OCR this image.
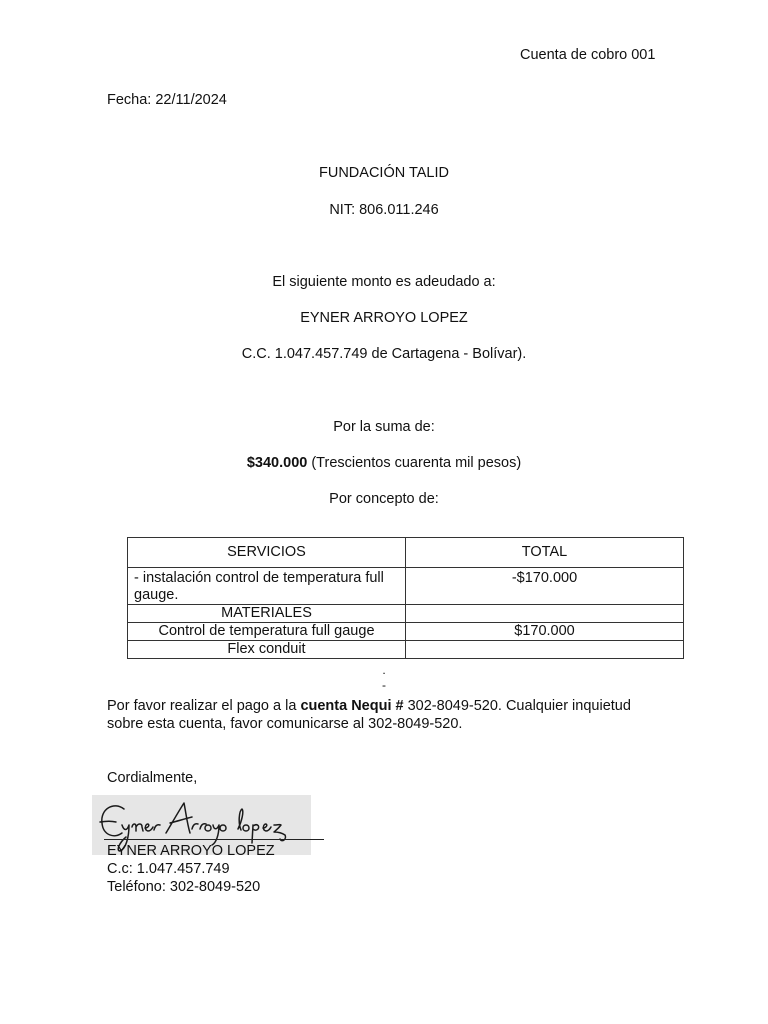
Cuenta de cobro 001
Fecha: 22/11/2024
FUNDACIÓN TALID
NIT: 806.011.246
El siguiente monto es adeudado a:
EYNER ARROYO LOPEZ
C.C. 1.047.457.749 de Cartagena - Bolívar).
Por la suma de:
$340.000 (Trescientos cuarenta mil pesos)
Por concepto de:
SERVICIOS	TOTAL
- instalación control de temperatura full gauge.	-$170.000
MATERIALES	
Control de temperatura full gauge	$170.000
Flex conduit	
.
-
Por favor realizar el pago a la cuenta Nequi # 302-8049-520. Cualquier inquietud sobre esta cuenta, favor comunicarse al 302-8049-520.
Cordialmente,
EYNER ARROYO LOPEZ
C.c: 1.047.457.749
Teléfono: 302-8049-520
